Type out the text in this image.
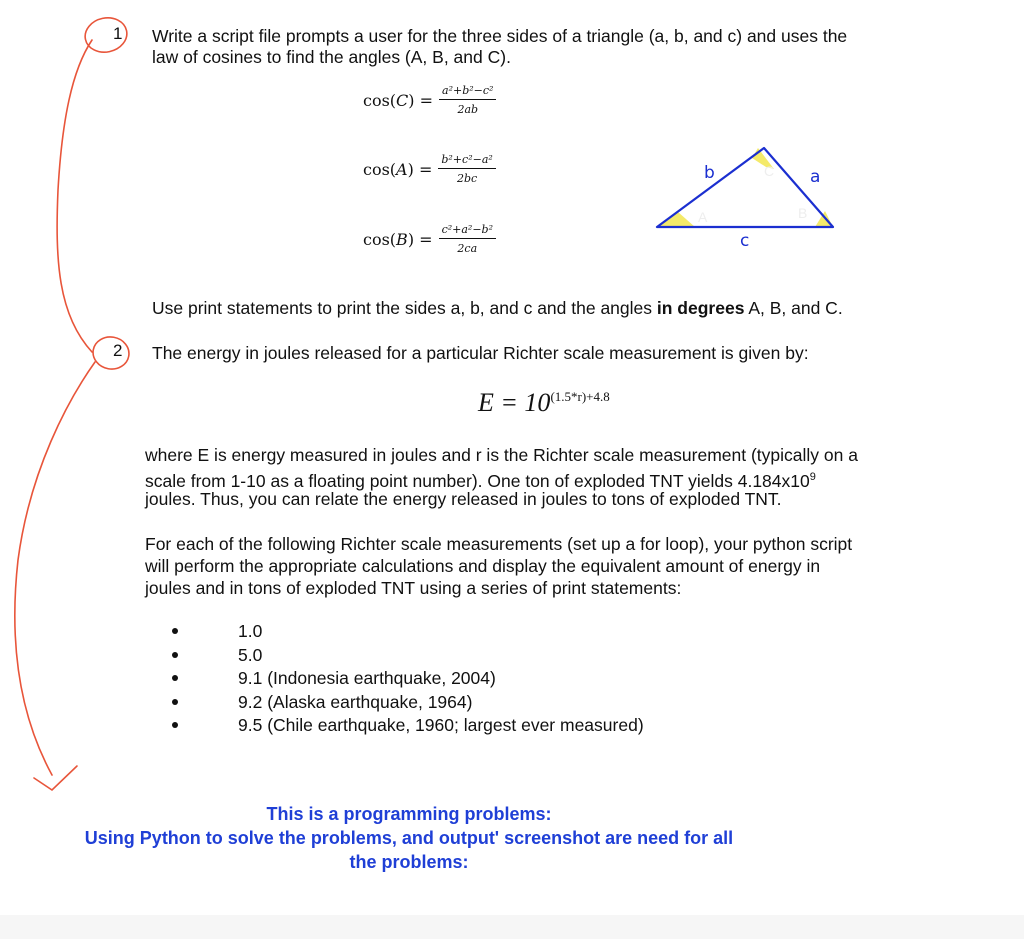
1 Write a script file prompts a user for the three sides of a triangle (a, b, and c) and uses the
law of cosines to find the angles (A, B, and C).
$\cos(C) = \frac{\text{a²+b²−c²}}{2ab}$
$\cos(A) = \frac{\text{b²+c²−a²}}{2bc}$
$\cos(B) = \frac{\text{c²+a²−b²}}{2ca}$
A	B
C
b	a
c
Use print statements to print the sides a, b, and c and the angles in degrees A, B, and C.
2 The energy in joules released for a particular Richter scale measurement is given by:
$E = 10^{(1.5*r)+4.8}$
where E is energy measured in joules and r is the Richter scale measurement (typically on a
scale from 1-10 as a floating point number). One ton of exploded TNT yields $4.184x10^9$
joules. Thus, you can relate the energy released in joules to tons of exploded TNT.
For each of the following Richter scale measurements (set up a for loop), your python script
will perform the appropriate calculations and display the equivalent amount of energy in
joules and in tons of exploded TNT using a series of print statements:
1.0
5.0
9.1 (Indonesia earthquake, 2004)
9.2 (Alaska earthquake, 1964)
9.5 (Chile earthquake, 1960; largest ever measured)
This is a programming problems:
Using Python to solve the problems, and output' screenshot are need for all
the problems:
